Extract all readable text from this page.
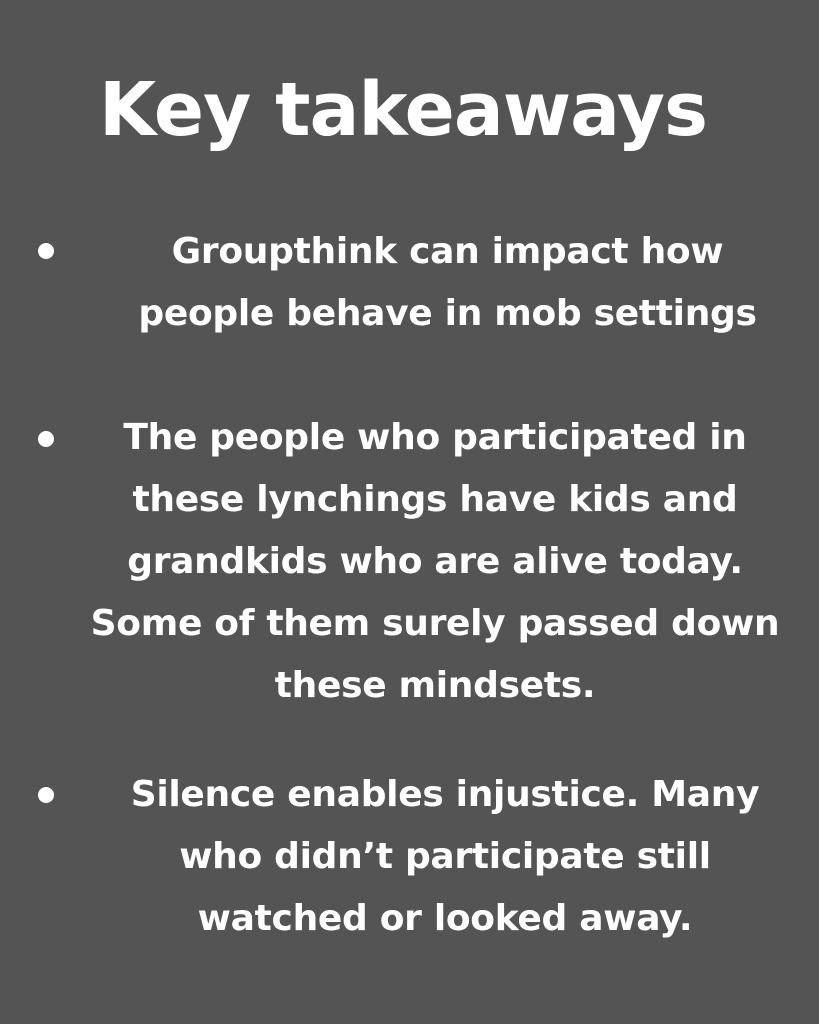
Key takeaways
Groupthink can impact how
people behave in mob settings
The people who participated in
these lynchings have kids and
grandkids who are alive today.
Some of them surely passed down
these mindsets.
Silence enables injustice. Many
who didn’t participate still
watched or looked away.
